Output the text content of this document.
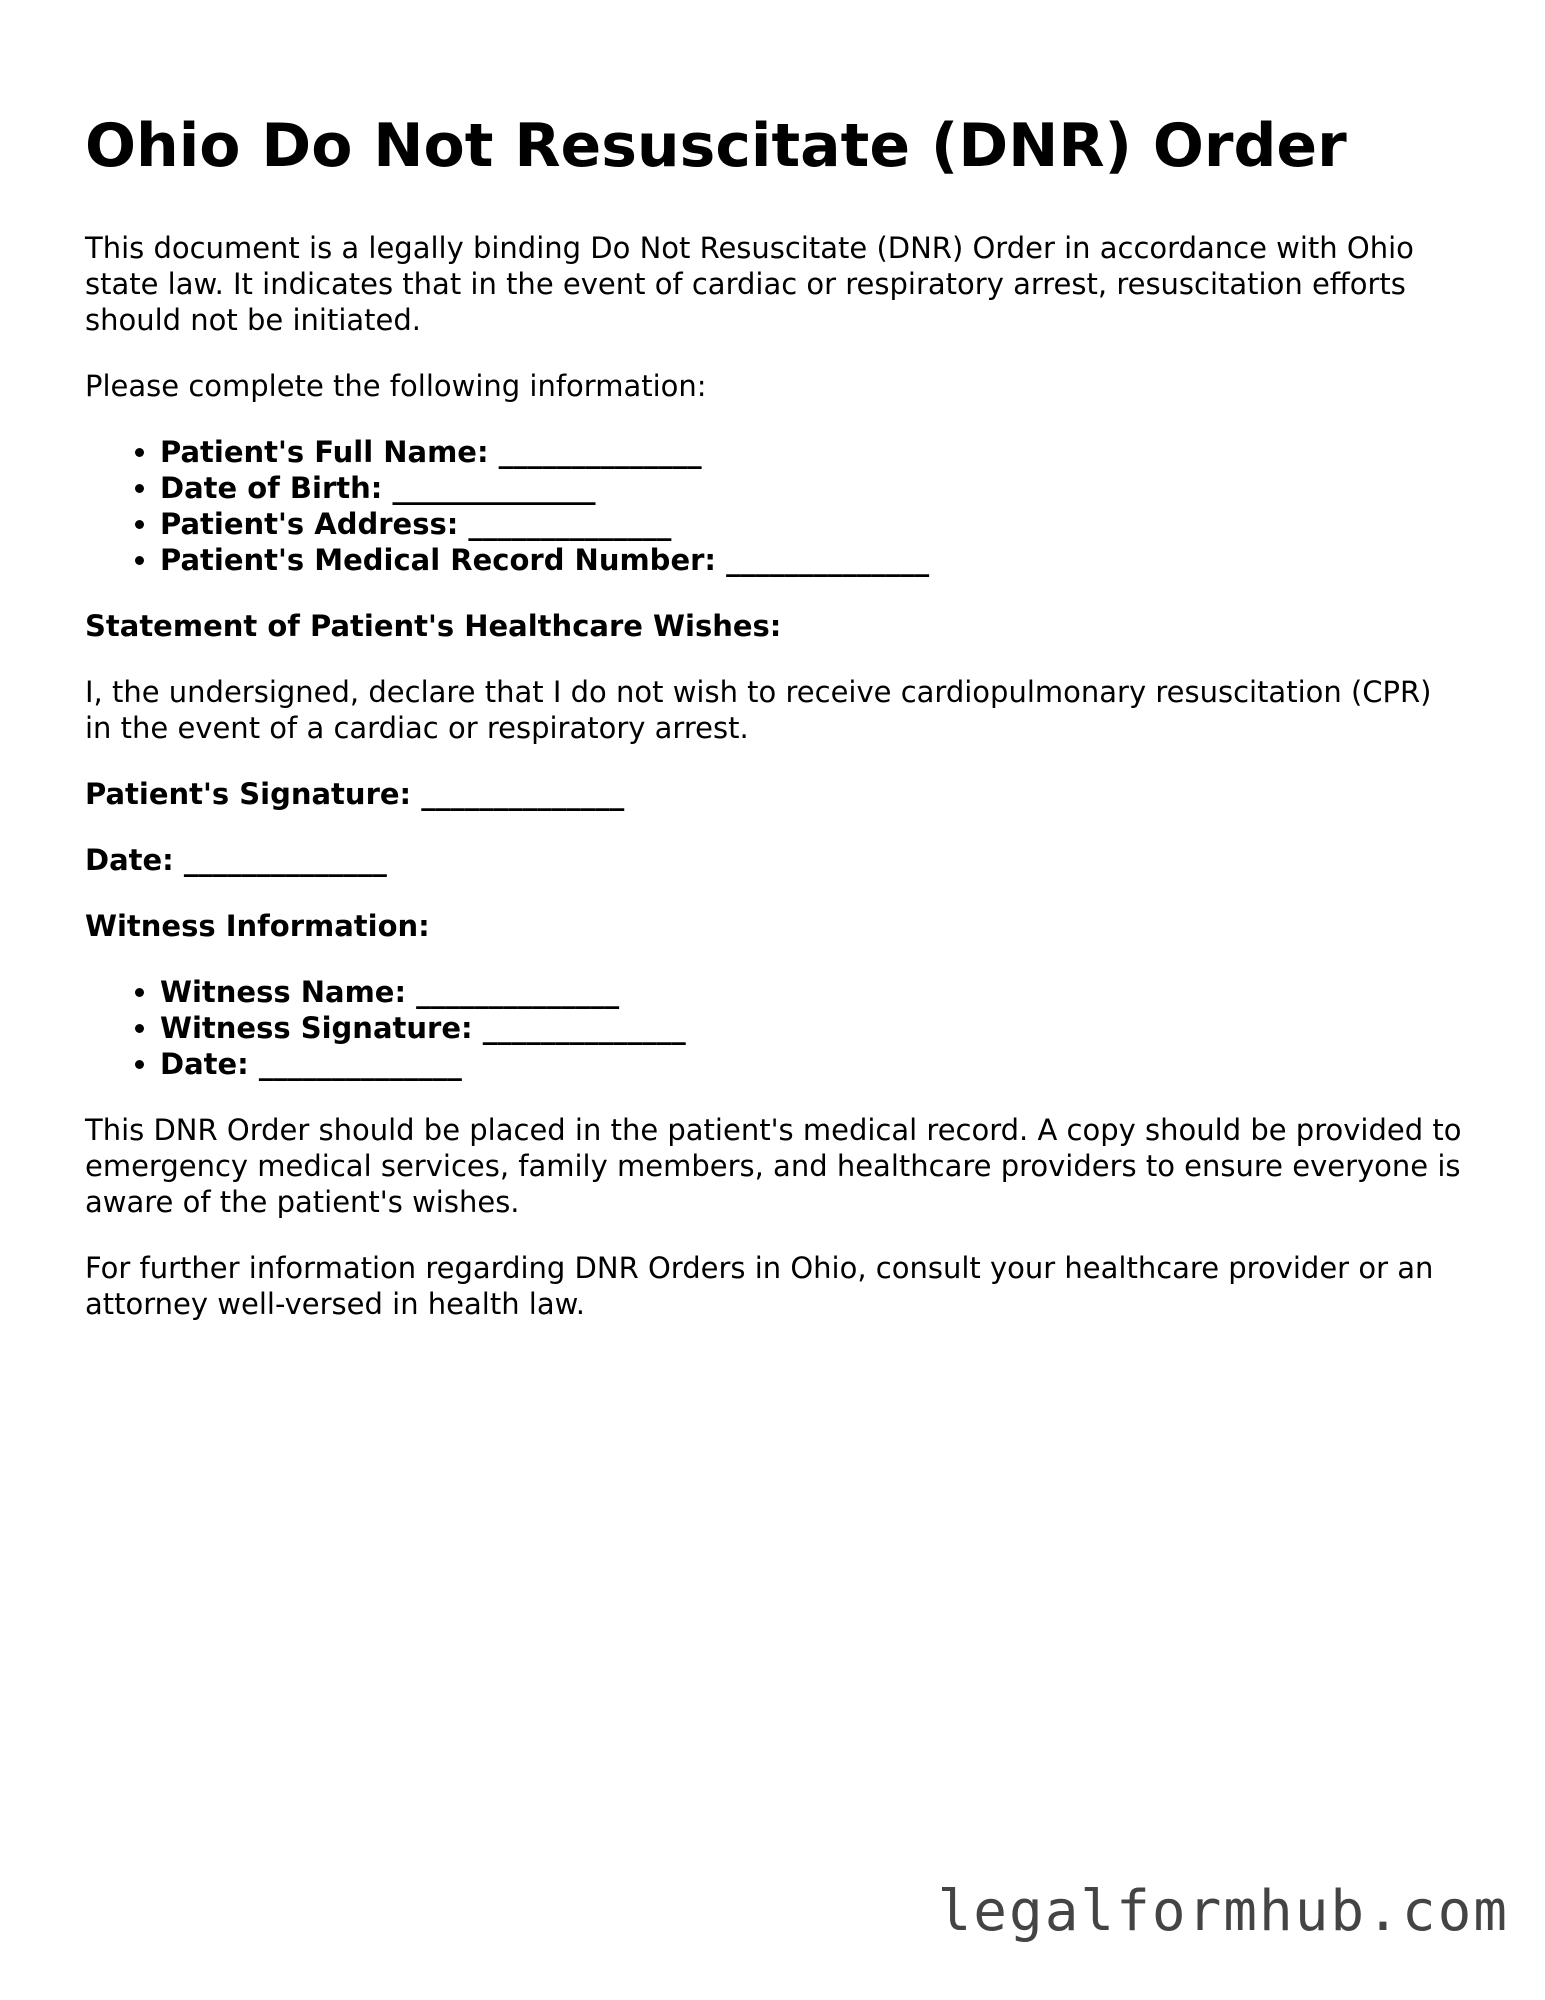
Ohio Do Not Resuscitate (DNR) Order

This document is a legally binding Do Not Resuscitate (DNR) Order in accordance with Ohio state law. It indicates that in the event of cardiac or respiratory arrest, resuscitation efforts should not be initiated.

Please complete the following information:

• Patient's Full Name: ______________
• Date of Birth: ______________
• Patient's Address: ______________
• Patient's Medical Record Number: ______________

Statement of Patient's Healthcare Wishes:

I, the undersigned, declare that I do not wish to receive cardiopulmonary resuscitation (CPR) in the event of a cardiac or respiratory arrest.

Patient's Signature: ______________

Date: ______________

Witness Information:

• Witness Name: ______________
• Witness Signature: ______________
• Date: ______________

This DNR Order should be placed in the patient's medical record. A copy should be provided to emergency medical services, family members, and healthcare providers to ensure everyone is aware of the patient's wishes.

For further information regarding DNR Orders in Ohio, consult your healthcare provider or an attorney well-versed in health law.

legalformhub.com
